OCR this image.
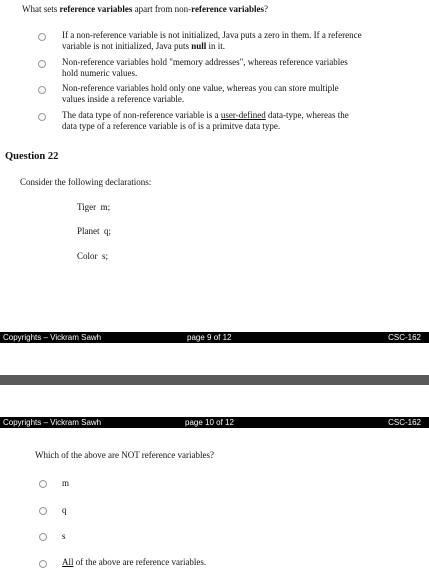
What sets reference variables apart from non-reference variables?
If a non-reference variable is not initialized, Java puts a zero in them. If a reference
variable is not initialized, Java puts null in it.
Non-reference variables hold "memory addresses", whereas reference variables
hold numeric values.
Non-reference variables hold only one value, whereas you can store multiple
values inside a reference variable.
The data type of non-reference variable is a user-defined data-type, whereas the
data type of a reference variable is of is a primitve data type.
Question 22
Consider the following declarations:
Tiger  m;
Planet  q;
Color  s;
Copyrights – Vickram Sawh	page 9 of 12	CSC-162
Copyrights – Vickram Sawh	page 10 of 12	CSC-162
Which of the above are NOT reference variables?
m
q
s
All of the above are reference variables.
